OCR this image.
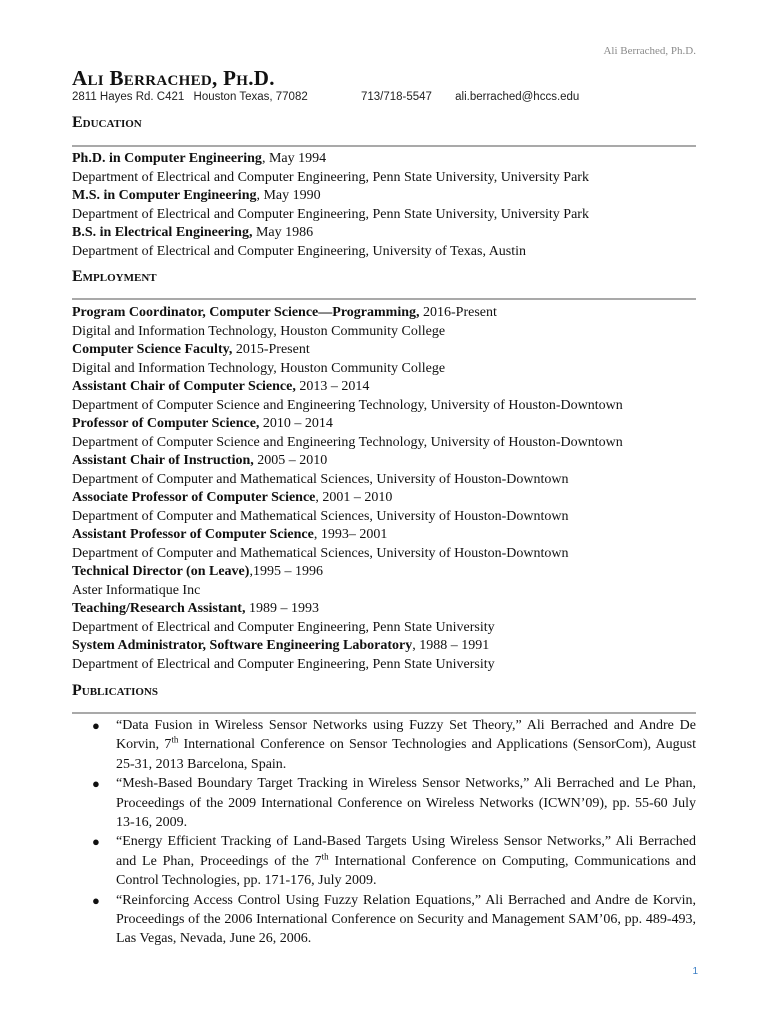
Ali Berrached, Ph.D.
Ali Berrached, Ph.D.
2811 Hayes Rd. C421 Houston Texas, 77082	713/718-5547 ali.berrached@hccs.edu
Education
Ph.D. in Computer Engineering, May 1994
Department of Electrical and Computer Engineering, Penn State University, University Park
M.S. in Computer Engineering, May 1990
Department of Electrical and Computer Engineering, Penn State University, University Park
B.S. in Electrical Engineering, May 1986
Department of Electrical and Computer Engineering, University of Texas, Austin
Employment
Program Coordinator, Computer Science—Programming, 2016-Present
Digital and Information Technology, Houston Community College
Computer Science Faculty, 2015-Present
Digital and Information Technology, Houston Community College
Assistant Chair of Computer Science, 2013 – 2014
Department of Computer Science and Engineering Technology, University of Houston-Downtown
Professor of Computer Science, 2010 – 2014
Department of Computer Science and Engineering Technology, University of Houston-Downtown
Assistant Chair of Instruction, 2005 – 2010
Department of Computer and Mathematical Sciences, University of Houston-Downtown
Associate Professor of Computer Science, 2001 – 2010
Department of Computer and Mathematical Sciences, University of Houston-Downtown
Assistant Professor of Computer Science, 1993– 2001
Department of Computer and Mathematical Sciences, University of Houston-Downtown
Technical Director (on Leave),1995 – 1996
Aster Informatique Inc
Teaching/Research Assistant, 1989 – 1993
Department of Electrical and Computer Engineering, Penn State University
System Administrator, Software Engineering Laboratory, 1988 – 1991
Department of Electrical and Computer Engineering, Penn State University
Publications
● “Data Fusion in Wireless Sensor Networks using Fuzzy Set Theory,” Ali Berrached and Andre De Korvin, 7th International Conference on Sensor Technologies and Applications (SensorCom), August 25-31, 2013 Barcelona, Spain.
● “Mesh-Based Boundary Target Tracking in Wireless Sensor Networks,” Ali Berrached and Le Phan, Proceedings of the 2009 International Conference on Wireless Networks (ICWN’09), pp. 55-60 July 13-16, 2009.
● “Energy Efficient Tracking of Land-Based Targets Using Wireless Sensor Networks,” Ali Berrached and Le Phan, Proceedings of the 7th International Conference on Computing, Communications and Control Technologies, pp. 171-176, July 2009.
● “Reinforcing Access Control Using Fuzzy Relation Equations,” Ali Berrached and Andre de Korvin, Proceedings of the 2006 International Conference on Security and Management SAM’06, pp. 489-493, Las Vegas, Nevada, June 26, 2006.
1
